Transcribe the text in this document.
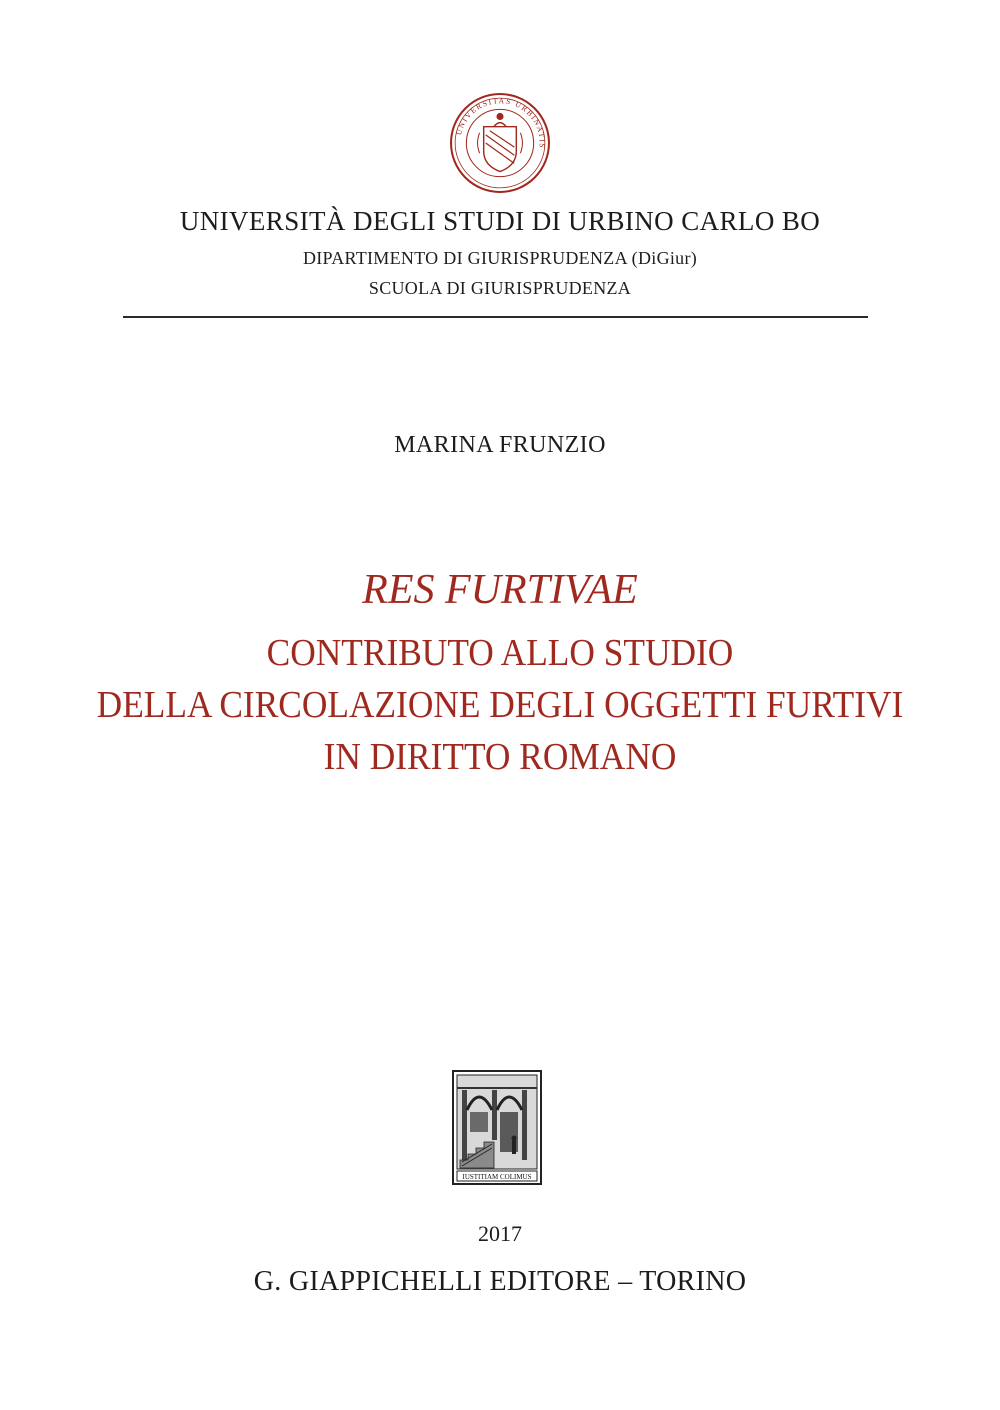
UNIVERSITAS URBINATIS
UNIVERSITÀ DEGLI STUDI DI URBINO CARLO BO
DIPARTIMENTO DI GIURISPRUDENZA (DiGiur)
SCUOLA DI GIURISPRUDENZA
MARINA FRUNZIO
RES FURTIVAE
CONTRIBUTO ALLO STUDIO
DELLA CIRCOLAZIONE DEGLI OGGETTI FURTIVI
IN DIRITTO ROMANO
IUSTITIAM COLIMUS
2017
G. GIAPPICHELLI EDITORE – TORINO
